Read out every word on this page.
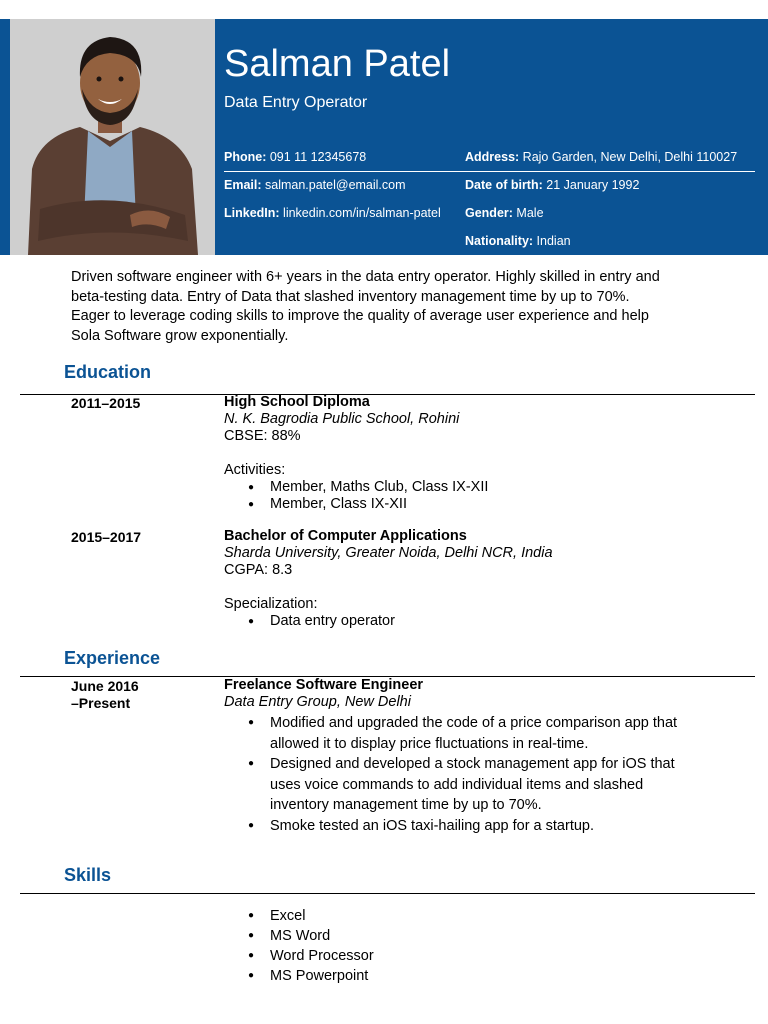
Salman Patel
Data Entry Operator
Phone: 091 11 12345678
Email: salman.patel@email.com
LinkedIn: linkedin.com/in/salman-patel
Address: Rajo Garden, New Delhi, Delhi 110027
Date of birth: 21 January 1992
Gender: Male
Nationality: Indian
Driven software engineer with 6+ years in the data entry operator. Highly skilled in entry and
beta-testing data. Entry of Data that slashed inventory management time by up to 70%.
Eager to leverage coding skills to improve the quality of average user experience and help
Sola Software grow exponentially.
Education
2011–2015	High School Diploma
N. K. Bagrodia Public School, Rohini
CBSE: 88%
Activities:
● Member, Maths Club, Class IX-XII
● Member, Class IX-XII
2015–2017	Bachelor of Computer Applications
Sharda University, Greater Noida, Delhi NCR, India
CGPA: 8.3
Specialization:
● Data entry operator
Experience
June 2016
–Present
Freelance Software Engineer
Data Entry Group, New Delhi
● Modified and upgraded the code of a price comparison app that
allowed it to display price fluctuations in real-time.
● Designed and developed a stock management app for iOS that
uses voice commands to add individual items and slashed
inventory management time by up to 70%.
● Smoke tested an iOS taxi-hailing app for a startup.
Skills
● Excel
● MS Word
● Word Processor
● MS Powerpoint
